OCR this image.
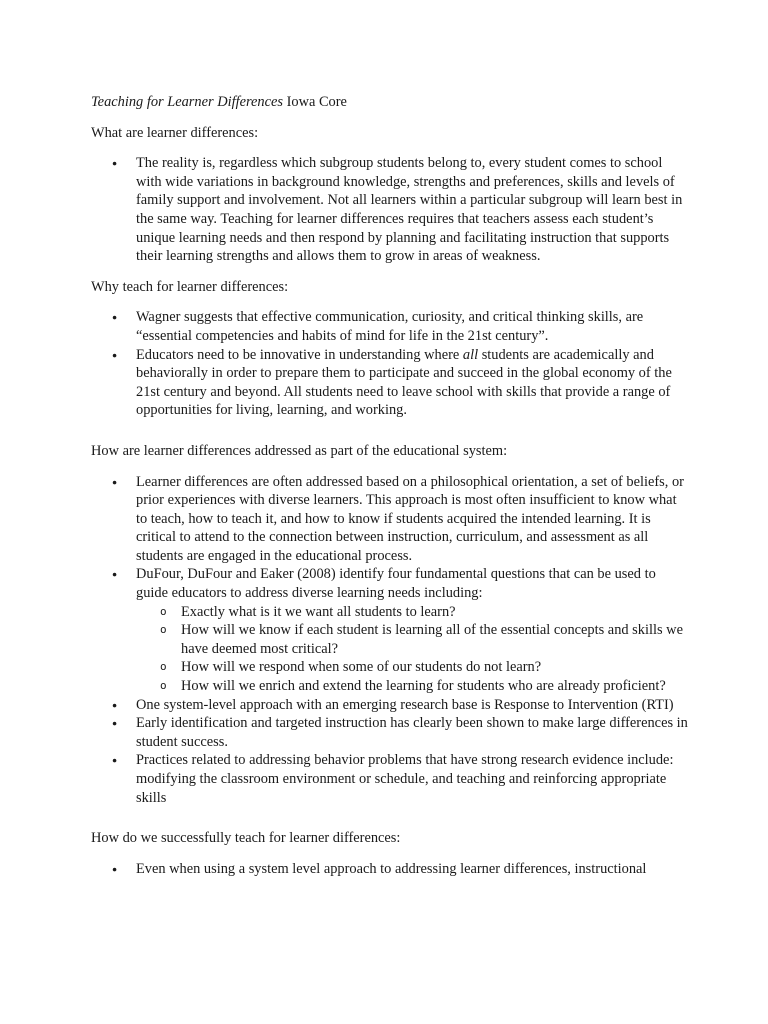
Teaching for Learner Differences Iowa Core

What are learner differences:

● The reality is, regardless which subgroup students belong to, every student comes to school with wide variations in background knowledge, strengths and preferences, skills and levels of family support and involvement. Not all learners within a particular subgroup will learn best in the same way. Teaching for learner differences requires that teachers assess each student’s unique learning needs and then respond by planning and facilitating instruction that supports their learning strengths and allows them to grow in areas of weakness.

Why teach for learner differences:

● Wagner suggests that effective communication, curiosity, and critical thinking skills, are “essential competencies and habits of mind for life in the 21st century”.
● Educators need to be innovative in understanding where all students are academically and behaviorally in order to prepare them to participate and succeed in the global economy of the 21st century and beyond. All students need to leave school with skills that provide a range of opportunities for living, learning, and working.

How are learner differences addressed as part of the educational system:

● Learner differences are often addressed based on a philosophical orientation, a set of beliefs, or prior experiences with diverse learners. This approach is most often insufficient to know what to teach, how to teach it, and how to know if students acquired the intended learning. It is critical to attend to the connection between instruction, curriculum, and assessment as all students are engaged in the educational process.
● DuFour, DuFour and Eaker (2008) identify four fundamental questions that can be used to guide educators to address diverse learning needs including:
o Exactly what is it we want all students to learn?
o How will we know if each student is learning all of the essential concepts and skills we have deemed most critical?
o How will we respond when some of our students do not learn?
o How will we enrich and extend the learning for students who are already proficient?
● One system-level approach with an emerging research base is Response to Intervention (RTI)
● Early identification and targeted instruction has clearly been shown to make large differences in student success.
● Practices related to addressing behavior problems that have strong research evidence include: modifying the classroom environment or schedule, and teaching and reinforcing appropriate skills

How do we successfully teach for learner differences:

● Even when using a system level approach to addressing learner differences, instructional
